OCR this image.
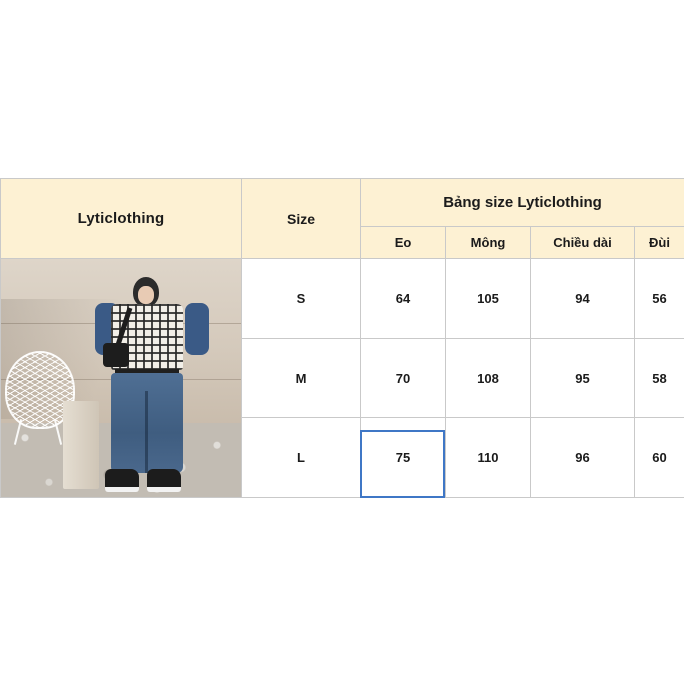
Lyticlothing	Size	Bảng size Lyticlothing			
		Eo	Mông	Chiều dài	Đùi

	S	64	105	94	56
	M	70	108	95	58
	L	75	110	96	60
